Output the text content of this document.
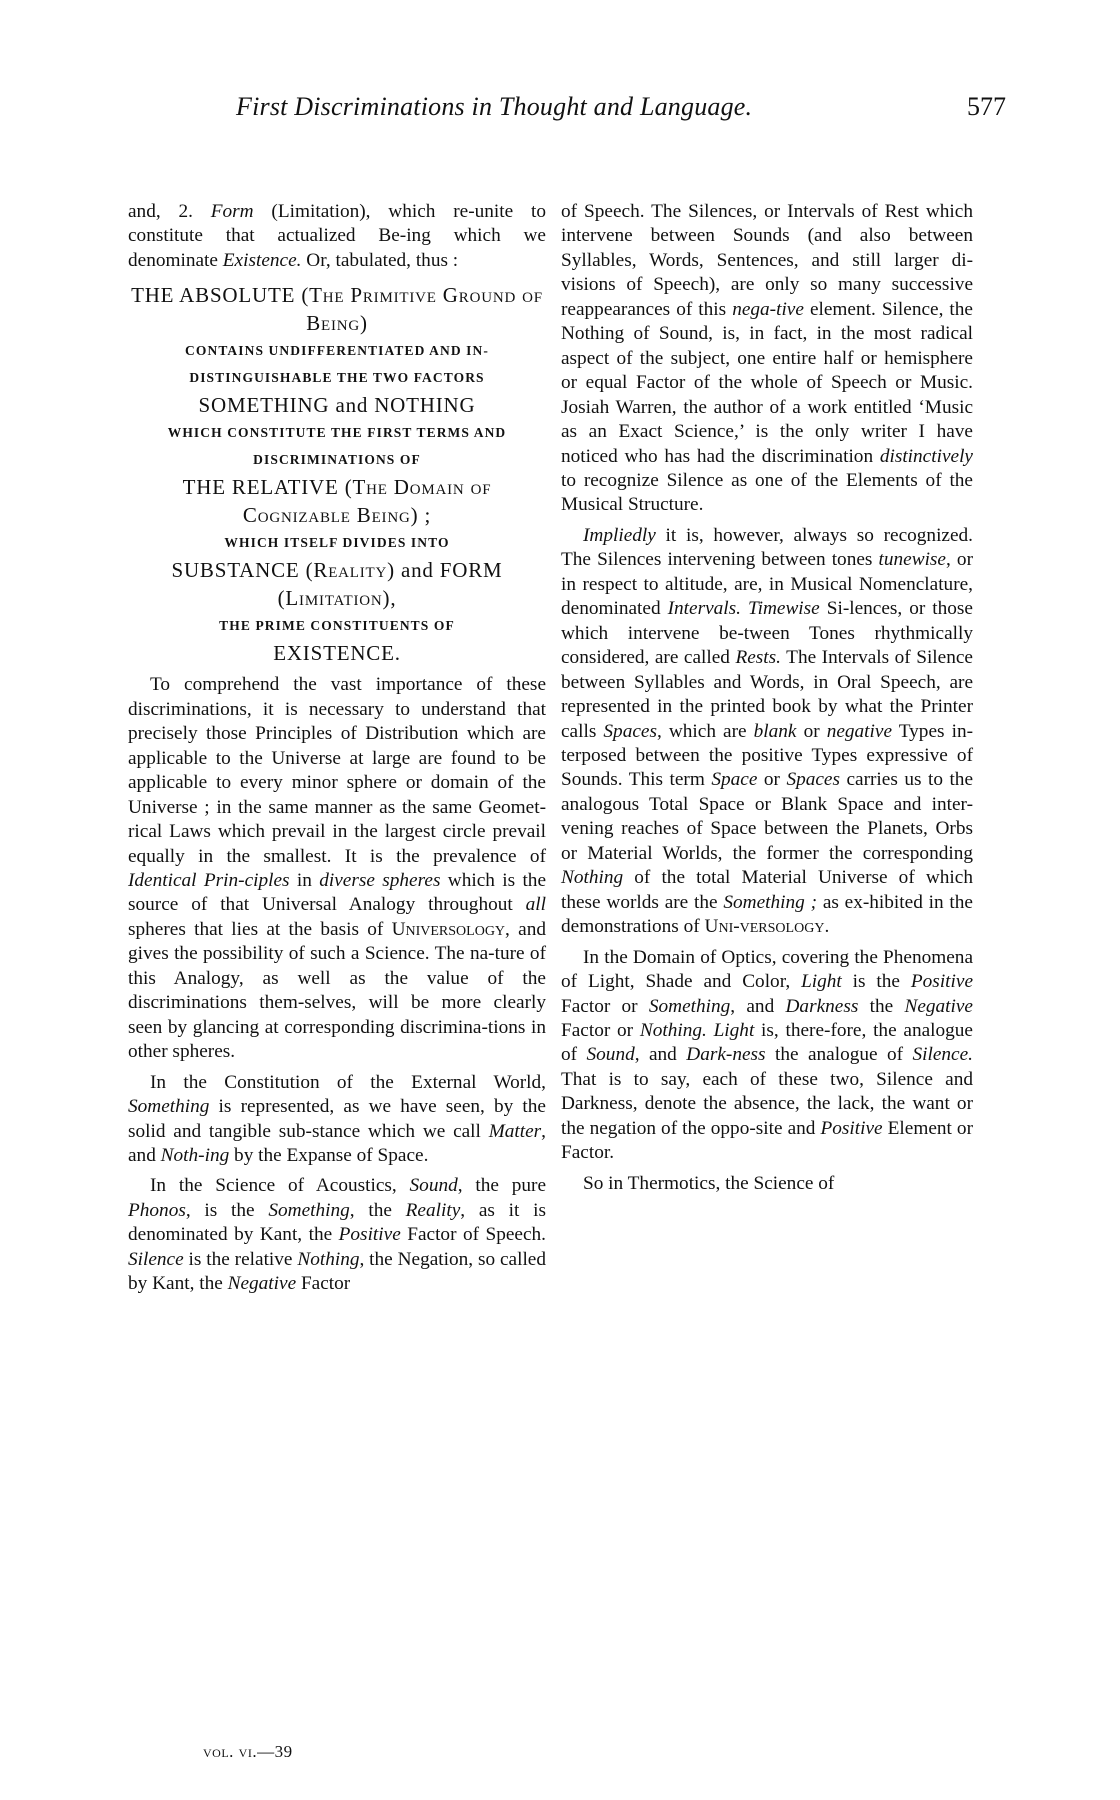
First Discriminations in Thought and Language.	577

and, 2. Form (Limitation), which re-unite to constitute that actualized Be-ing which we denominate Existence. Or, tabulated, thus :

THE ABSOLUTE (The Primitive Ground of Being)

CONTAINS UNDIFFERENTIATED AND IN-DISTINGUISHABLE THE TWO FACTORS

SOMETHING and NOTHING

WHICH CONSTITUTE THE FIRST TERMS AND DISCRIMINATIONS OF

THE RELATIVE (The Domain of Cognizable Being) ;

WHICH ITSELF DIVIDES INTO

SUBSTANCE (Reality) and FORM (Limitation),

THE PRIME CONSTITUENTS OF

EXISTENCE.

To comprehend the vast importance of these discriminations, it is necessary to understand that precisely those Principles of Distribution which are applicable to the Universe at large are found to be applicable to every minor sphere or domain of the Universe ; in the same manner as the same Geomet-rical Laws which prevail in the largest circle prevail equally in the smallest. It is the prevalence of Identical Prin-ciples in diverse spheres which is the source of that Universal Analogy throughout all spheres that lies at the basis of Universology, and gives the possibility of such a Science. The na-ture of this Analogy, as well as the value of the discriminations them-selves, will be more clearly seen by glancing at corresponding discrimina-tions in other spheres.

In the Constitution of the External World, Something is represented, as we have seen, by the solid and tangible sub-stance which we call Matter, and Noth-ing by the Expanse of Space.

In the Science of Acoustics, Sound, the pure Phonos, is the Something, the Reality, as it is denominated by Kant, the Positive Factor of Speech. Silence is the relative Nothing, the Negation, so called by Kant, the Negative Factor

of Speech. The Silences, or Intervals of Rest which intervene between Sounds (and also between Syllables, Words, Sentences, and still larger di-visions of Speech), are only so many successive reappearances of this nega-tive element. Silence, the Nothing of Sound, is, in fact, in the most radical aspect of the subject, one entire half or hemisphere or equal Factor of the whole of Speech or Music. Josiah Warren, the author of a work entitled ‘Music as an Exact Science,’ is the only writer I have noticed who has had the discrimination distinctively to recognize Silence as one of the Elements of the Musical Structure.

Impliedly it is, however, always so recognized. The Silences intervening between tones tunewise, or in respect to altitude, are, in Musical Nomenclature, denominated Intervals. Timewise Si-lences, or those which intervene be-tween Tones rhythmically considered, are called Rests. The Intervals of Silence between Syllables and Words, in Oral Speech, are represented in the printed book by what the Printer calls Spaces, which are blank or negative Types in-terposed between the positive Types expressive of Sounds. This term Space or Spaces carries us to the analogous Total Space or Blank Space and inter-vening reaches of Space between the Planets, Orbs or Material Worlds, the former the corresponding Nothing of the total Material Universe of which these worlds are the Something ; as ex-hibited in the demonstrations of Uni-versology.

In the Domain of Optics, covering the Phenomena of Light, Shade and Color, Light is the Positive Factor or Something, and Darkness the Negative Factor or Nothing. Light is, there-fore, the analogue of Sound, and Dark-ness the analogue of Silence. That is to say, each of these two, Silence and Darkness, denote the absence, the lack, the want or the negation of the oppo-site and Positive Element or Factor.

So in Thermotics, the Science of

vol. vi.—39
